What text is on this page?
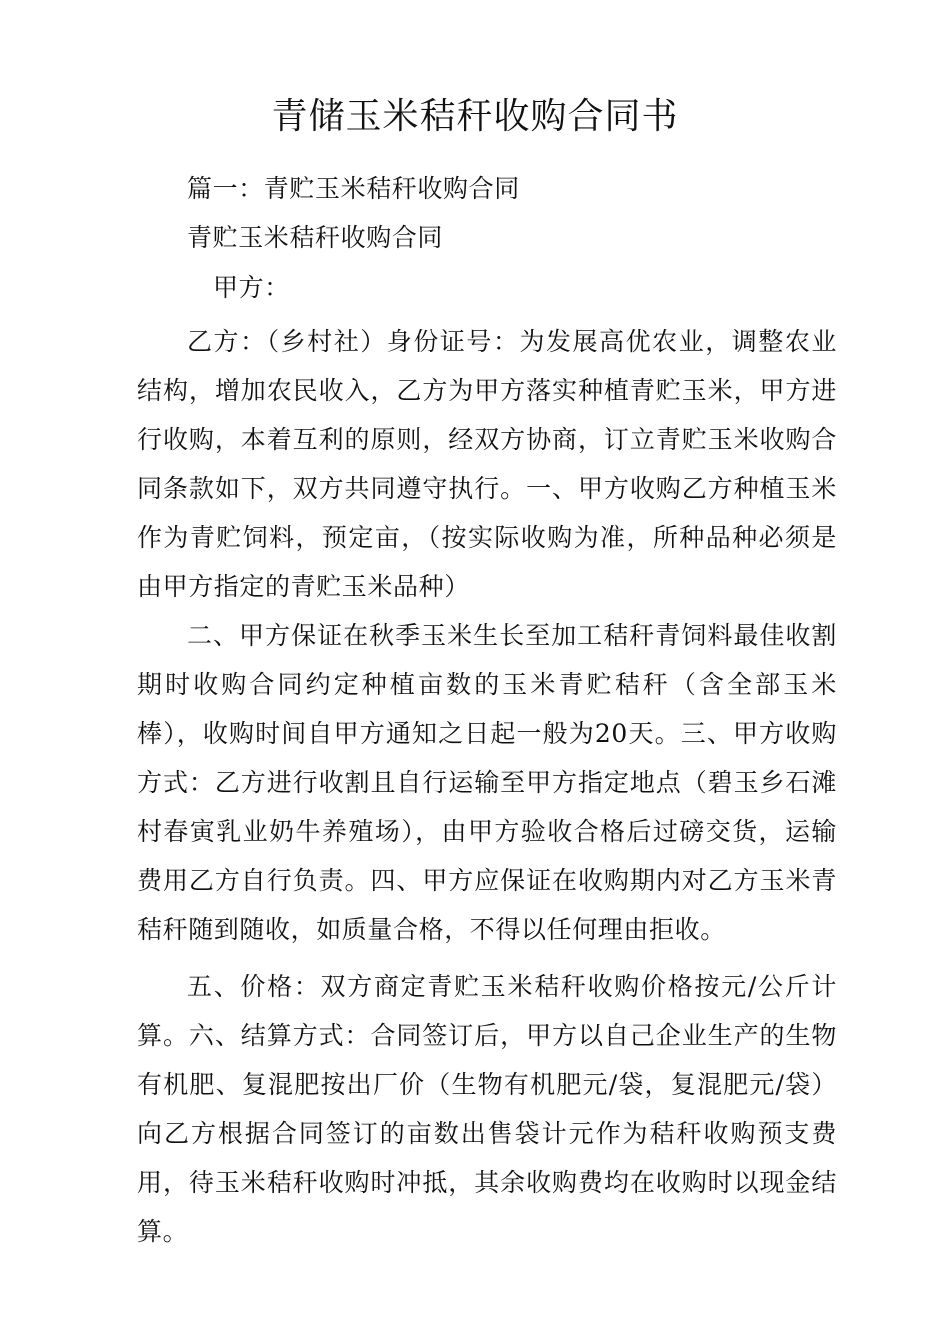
青储玉米秸秆收购合同书

篇一：青贮玉米秸秆收购合同

青贮玉米秸秆收购合同

甲方：

乙方：（乡村社）身份证号：为发展高优农业，调整农业结构，增加农民收入，乙方为甲方落实种植青贮玉米，甲方进行收购，本着互利的原则，经双方协商，订立青贮玉米收购合同条款如下，双方共同遵守执行。一、甲方收购乙方种植玉米作为青贮饲料，预定亩，（按实际收购为准，所种品种必须是由甲方指定的青贮玉米品种）

二、甲方保证在秋季玉米生长至加工秸秆青饲料最佳收割期时收购合同约定种植亩数的玉米青贮秸秆（含全部玉米棒），收购时间自甲方通知之日起一般为20天。三、甲方收购方式：乙方进行收割且自行运输至甲方指定地点（碧玉乡石滩村春寅乳业奶牛养殖场），由甲方验收合格后过磅交货，运输费用乙方自行负责。四、甲方应保证在收购期内对乙方玉米青秸秆随到随收，如质量合格，不得以任何理由拒收。

五、价格：双方商定青贮玉米秸秆收购价格按元/公斤计算。六、结算方式：合同签订后，甲方以自己企业生产的生物有机肥、复混肥按出厂价（生物有机肥元/袋，复混肥元/袋）向乙方根据合同签订的亩数出售袋计元作为秸秆收购预支费用，待玉米秸秆收购时冲抵，其余收购费均在收购时以现金结算。
